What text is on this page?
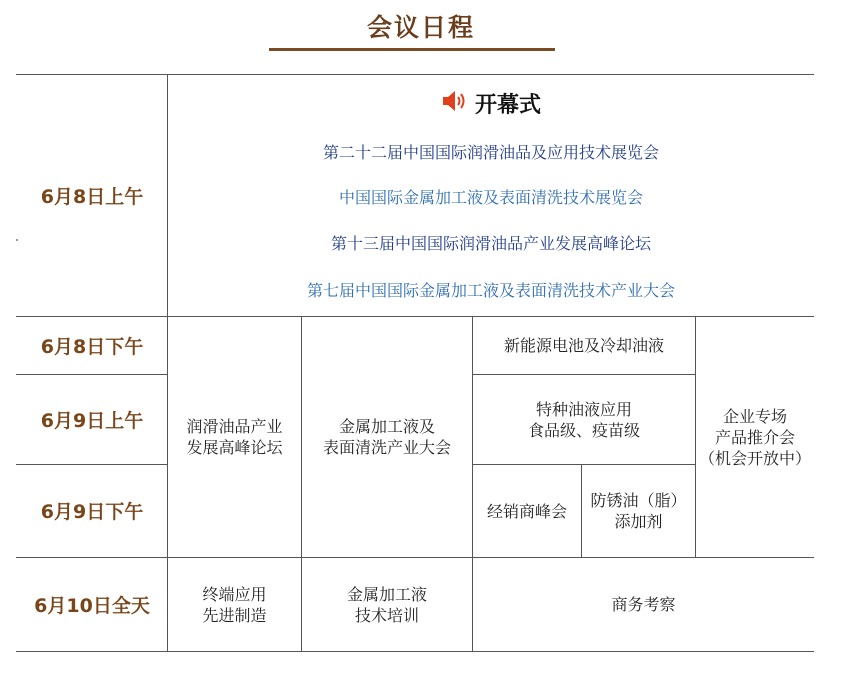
会议日程
6月8日上午
6月8日下午
6月9日上午
6月9日下午
6月10日全天
开幕式
第二十二届中国国际润滑油品及应用技术展览会
中国国际金属加工液及表面清洗技术展览会
第十三届中国国际润滑油品产业发展高峰论坛
第七届中国国际金属加工液及表面清洗技术产业大会
润滑油品产业
发展高峰论坛
金属加工液及
表面清洗产业大会
新能源电池及冷却油液
特种油液应用
食品级、疫苗级
经销商峰会
防锈油（脂）
添加剂
企业专场
产品推介会
（机会开放中）
终端应用
先进制造
金属加工液
技术培训
商务考察
